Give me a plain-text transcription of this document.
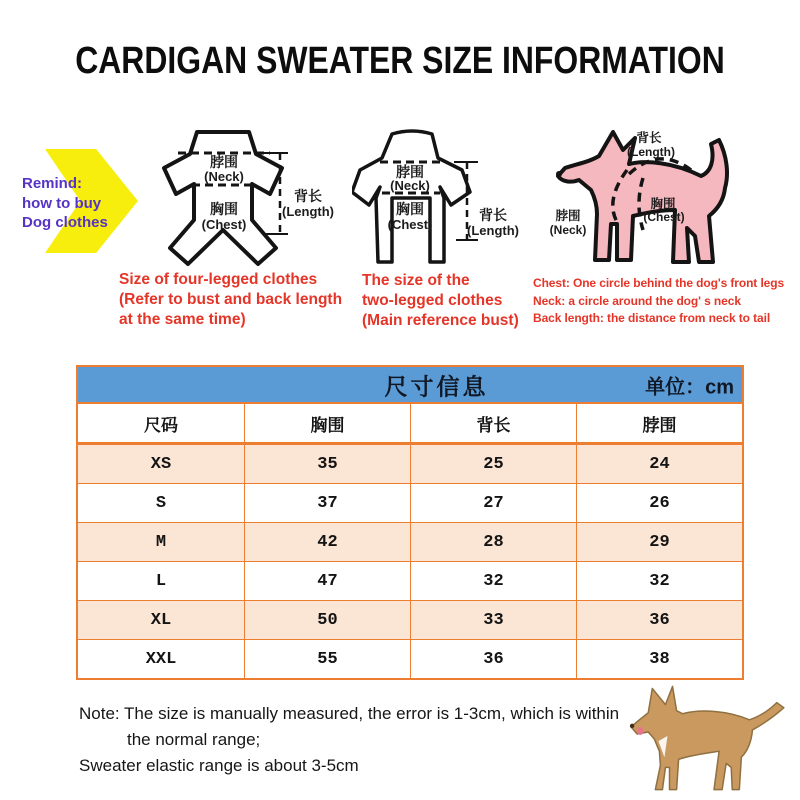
CARDIGAN SWEATER SIZE INFORMATION
Remind:
how to buy
Dog clothes
脖围
(Neck)
胸围
(Chest)
背长
(Length)
脖围
(Neck)
胸围
(Chest)
背长
(Length)
背长
(Length)
脖围
(Neck)
胸围
(Chest)
Size of four-legged clothes
(Refer to bust and back length
at the same time)
The size of the
two-legged clothes
(Main reference bust)
Chest: One circle behind the dog's front legs
Neck: a circle around the dog' s neck
Back length: the distance from neck to tail
尺寸信息	单位：cm
尺码	胸围	背长	脖围
XS	35	25	24
S	37	27	26
M	42	28	29
L	47	32	32
XL	50	33	36
XXL	55	36	38
Note: The size is manually measured, the error is 1-3cm, which is within
the normal range;
Sweater elastic range is about 3-5cm
